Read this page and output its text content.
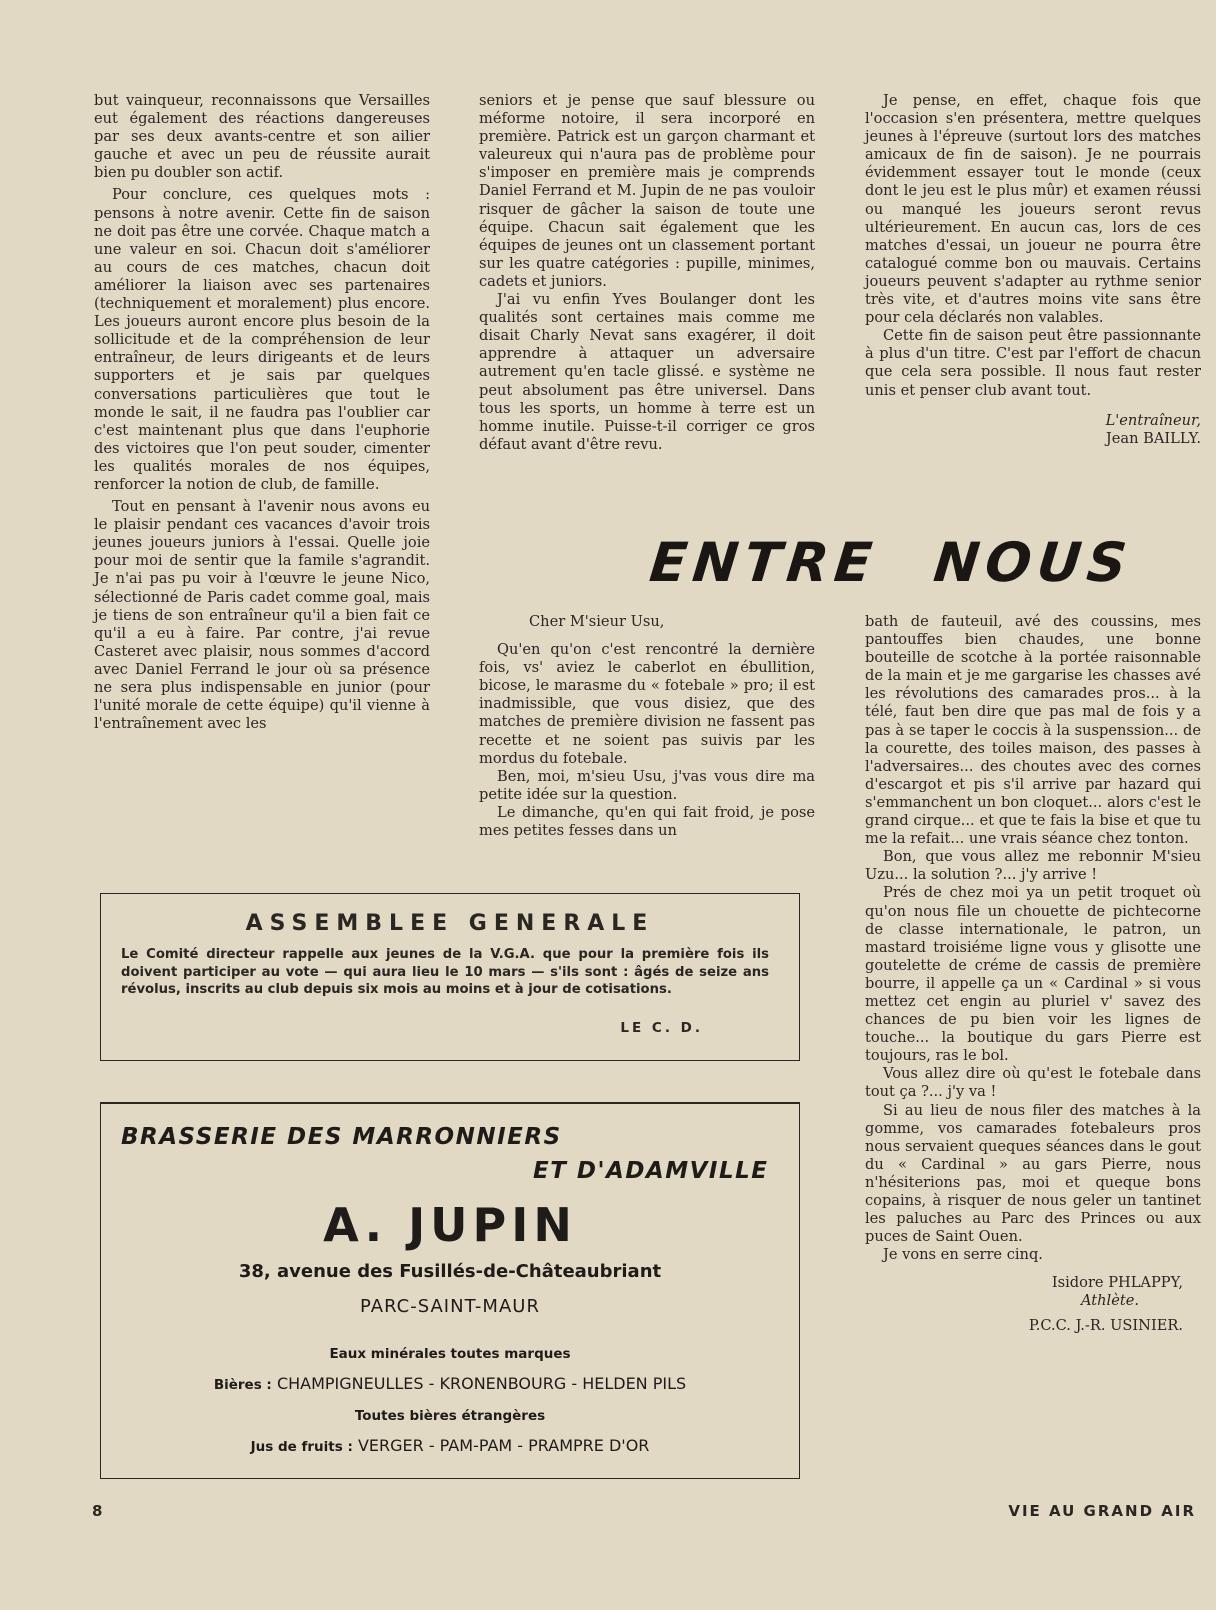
but vainqueur, reconnaissons que Versailles eut également des réactions dangereuses par ses deux avants-centre et son ailier gauche et avec un peu de réussite aurait bien pu doubler son actif.

Pour conclure, ces quelques mots : pensons à notre avenir. Cette fin de saison ne doit pas être une corvée. Chaque match a une valeur en soi. Chacun doit s'améliorer au cours de ces matches, chacun doit améliorer la liaison avec ses partenaires (techniquement et moralement) plus encore. Les joueurs auront encore plus besoin de la sollicitude et de la compréhension de leur entraîneur, de leurs dirigeants et de leurs supporters et je sais par quelques conversations particulières que tout le monde le sait, il ne faudra pas l'oublier car c'est maintenant plus que dans l'euphorie des victoires que l'on peut souder, cimenter les qualités morales de nos équipes, renforcer la notion de club, de famille.

Tout en pensant à l'avenir nous avons eu le plaisir pendant ces vacances d'avoir trois jeunes joueurs juniors à l'essai. Quelle joie pour moi de sentir que la famile s'agrandit. Je n'ai pas pu voir à l'œuvre le jeune Nico, sélectionné de Paris cadet comme goal, mais je tiens de son entraîneur qu'il a bien fait ce qu'il a eu à faire. Par contre, j'ai revue Casteret avec plaisir, nous sommes d'accord avec Daniel Ferrand le jour où sa présence ne sera plus indispensable en junior (pour l'unité morale de cette équipe) qu'il vienne à l'entraînement avec les

seniors et je pense que sauf blessure ou méforme notoire, il sera incorporé en première. Patrick est un garçon charmant et valeureux qui n'aura pas de problème pour s'imposer en première mais je comprends Daniel Ferrand et M. Jupin de ne pas vouloir risquer de gâcher la saison de toute une équipe. Chacun sait également que les équipes de jeunes ont un classement portant sur les quatre catégories : pupille, minimes, cadets et juniors.

J'ai vu enfin Yves Boulanger dont les qualités sont certaines mais comme me disait Charly Nevat sans exagérer, il doit apprendre à attaquer un adversaire autrement qu'en tacle glissé. e système ne peut absolument pas être universel. Dans tous les sports, un homme à terre est un homme inutile. Puisse-t-il corriger ce gros défaut avant d'être revu.

Je pense, en effet, chaque fois que l'occasion s'en présentera, mettre quelques jeunes à l'épreuve (surtout lors des matches amicaux de fin de saison). Je ne pourrais évidemment essayer tout le monde (ceux dont le jeu est le plus mûr) et examen réussi ou manqué les joueurs seront revus ultérieurement. En aucun cas, lors de ces matches d'essai, un joueur ne pourra être catalogué comme bon ou mauvais. Certains joueurs peuvent s'adapter au rythme senior très vite, et d'autres moins vite sans être pour cela déclarés non valables.

Cette fin de saison peut être passionnante à plus d'un titre. C'est par l'effort de chacun que cela sera possible. Il nous faut rester unis et penser club avant tout.

L'entraîneur,

Jean BAILLY.

ENTRE NOUS

Cher M'sieur Usu,

Qu'en qu'on c'est rencontré la dernière fois, vs' aviez le caberlot en ébullition, bicose, le marasme du « fotebale » pro; il est inadmissible, que vous disiez, que des matches de première division ne fassent pas recette et ne soient pas suivis par les mordus du fotebale.

Ben, moi, m'sieu Usu, j'vas vous dire ma petite idée sur la question.

Le dimanche, qu'en qui fait froid, je pose mes petites fesses dans un

bath de fauteuil, avé des coussins, mes pantouffes bien chaudes, une bonne bouteille de scotche à la portée raisonnable de la main et je me gargarise les chasses avé les révolutions des camarades pros... à la télé, faut ben dire que pas mal de fois y a pas à se taper le coccis à la suspenssion... de la courette, des toiles maison, des passes à l'adversaires... des choutes avec des cornes d'escargot et pis s'il arrive par hazard qui s'emmanchent un bon cloquet... alors c'est le grand cirque... et que te fais la bise et que tu me la refait... une vrais séance chez tonton.

Bon, que vous allez me rebonnir M'sieu Uzu... la solution ?... j'y arrive !

Prés de chez moi ya un petit troquet où qu'on nous file un chouette de pichtecorne de classe internationale, le patron, un mastard troisiéme ligne vous y glisotte une goutelette de créme de cassis de première bourre, il appelle ça un « Cardinal » si vous mettez cet engin au pluriel v' savez des chances de pu bien voir les lignes de touche... la boutique du gars Pierre est toujours, ras le bol.

Vous allez dire où qu'est le fotebale dans tout ça ?... j'y va !

Si au lieu de nous filer des matches à la gomme, vos camarades fotebaleurs pros nous servaient queques séances dans le gout du « Cardinal » au gars Pierre, nous n'hésiterions pas, moi et queque bons copains, à risquer de nous geler un tantinet les paluches au Parc des Princes ou aux puces de Saint Ouen.

Je vons en serre cinq.

Isidore PHLAPPY,

Athlète.

P.C.C. J.-R. USINIER.

ASSEMBLEE GENERALE
Le Comité directeur rappelle aux jeunes de la V.G.A. que pour la première fois ils doivent participer au vote — qui aura lieu le 10 mars — s'ils sont : âgés de seize ans révolus, inscrits au club depuis six mois au moins et à jour de cotisations.
LE C. D.
BRASSERIE DES MARRONNIERS
ET D'ADAMVILLE
A. JUPIN
38, avenue des Fusillés-de-Châteaubriant
PARC-SAINT-MAUR
Eaux minérales toutes marques
Bières : CHAMPIGNEULLES - KRONENBOURG - HELDEN PILS
Toutes bières étrangères
Jus de fruits : VERGER - PAM-PAM - PRAMPRE D'OR
8	VIE AU GRAND AIR
